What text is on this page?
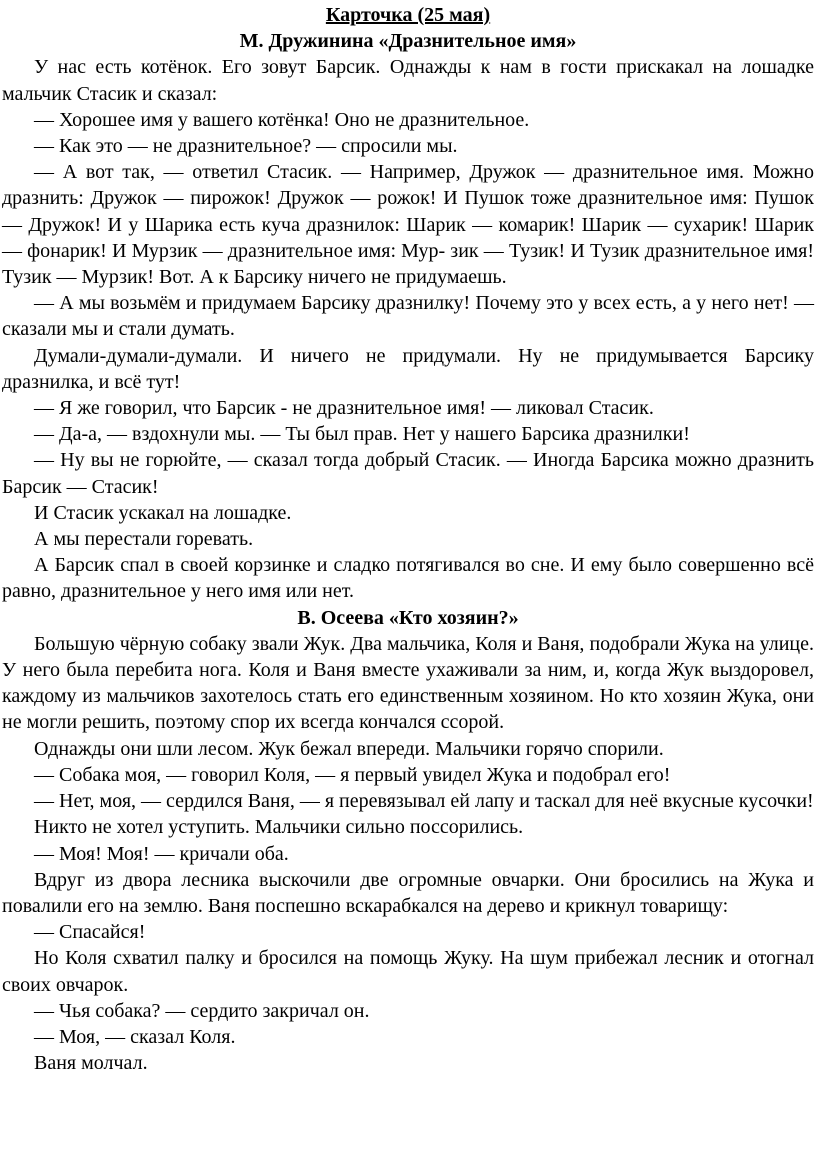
Карточка (25 мая)

М. Дружинина «Дразнительное имя»

У нас есть котёнок. Его зовут Барсик. Однажды к нам в гости прискакал на лошадке мальчик Стасик и сказал:

— Хорошее имя у вашего котёнка! Оно не дразнительное.

— Как это — не дразнительное? — спросили мы.

— А вот так, — ответил Стасик. — Например, Дружок — дразнительное имя. Можно дразнить: Дружок — пирожок! Дружок — рожок! И Пушок тоже дразнительное имя: Пушок — Дружок! И у Шарика есть куча дразнилок: Шарик — комарик! Шарик — сухарик! Шарик — фонарик! И Мурзик — дразнительное имя: Мур- зик — Тузик! И Тузик дразнительное имя! Тузик — Мурзик! Вот. А к Барсику ничего не придумаешь.

— А мы возьмём и придумаем Барсику дразнилку! Почему это у всех есть, а у него нет! — сказали мы и стали думать.

Думали-думали-думали. И ничего не придумали. Ну не придумывается Барсику дразнилка, и всё тут!

— Я же говорил, что Барсик - не дразнительное имя! — ликовал Стасик.

— Да-а, — вздохнули мы. — Ты был прав. Нет у нашего Барсика дразнилки!

— Ну вы не горюйте, — сказал тогда добрый Стасик. — Иногда Барсика можно дразнить Барсик — Стасик!

И Стасик ускакал на лошадке.

А мы перестали горевать.

А Барсик спал в своей корзинке и сладко потягивался во сне. И ему было совершенно всё равно, дразнительное у него имя или нет.

В. Осеева «Кто хозяин?»

Большую чёрную собаку звали Жук. Два мальчика, Коля и Ваня, подобрали Жука на улице. У него была перебита нога. Коля и Ваня вместе ухаживали за ним, и, когда Жук выздоровел, каждому из мальчиков захотелось стать его единственным хозяином. Но кто хозяин Жука, они не могли решить, поэтому спор их всегда кончался ссорой.

Однажды они шли лесом. Жук бежал впереди. Мальчики горячо спорили.

— Собака моя, — говорил Коля, — я первый увидел Жука и подобрал его!

— Нет, моя, — сердился Ваня, — я перевязывал ей лапу и таскал для неё вкусные кусочки!

Никто не хотел уступить. Мальчики сильно поссорились.

— Моя! Моя! — кричали оба.

Вдруг из двора лесника выскочили две огромные овчарки. Они бросились на Жука и повалили его на землю. Ваня поспешно вскарабкался на дерево и крикнул товарищу:

— Спасайся!

Но Коля схватил палку и бросился на помощь Жуку. На шум прибежал лесник и отогнал своих овчарок.

— Чья собака? — сердито закричал он.

— Моя, — сказал Коля.

Ваня молчал.
